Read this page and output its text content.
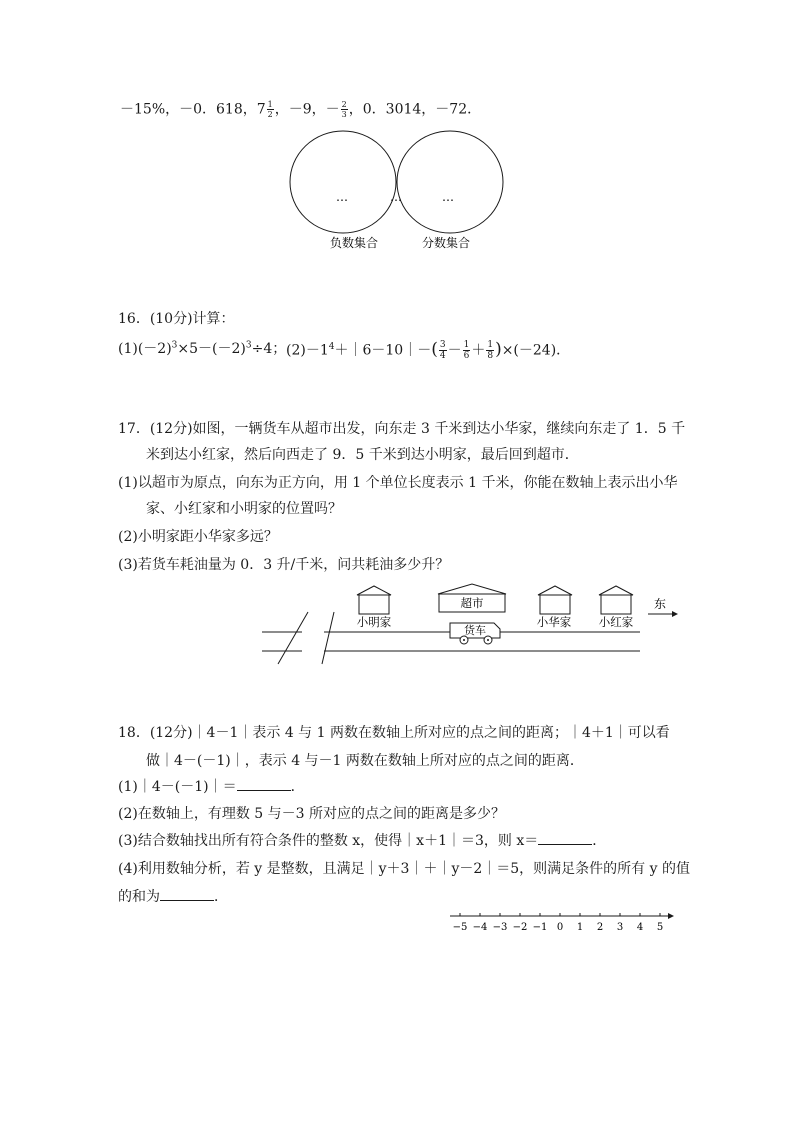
－15%，－0．618，$7 \frac{1}{2}$ ，－9，－ $\frac{2}{3}$ ，0．3014，－72．
…	…	…
负数集合	分数集合
16．(10分)计算：
$(1)(-2)^3\times 5-(-2)^3\div 4$； $(2)-1^4+|6-10|-( \frac{3}{4} - \frac{1}{6} + \frac{1}{8} )\times(-24)$．
17．(12分)如图，一辆货车从超市出发，向东走 3 千米到达小华家，继续向东走了 1．5 千
米到达小红家，然后向西走了 9．5 千米到达小明家，最后回到超市．
(1)以超市为原点，向东为正方向，用 1 个单位长度表示 1 千米，你能在数轴上表示出小华
家、小红家和小明家的位置吗？
(2)小明家距小华家多远？
(3)若货车耗油量为 0．3 升/千米，问共耗油多少升？
东
小明家
超市
货车
小华家 小红家
18．(12分)｜4－1｜表示 4 与 1 两数在数轴上所对应的点之间的距离；｜4＋1｜可以看
做｜4－(－1)｜，表示 4 与－1 两数在数轴上所对应的点之间的距离．
(1)｜4－(－1)｜＝	．
(2)在数轴上，有理数 5 与－3 所对应的点之间的距离是多少？
(3)结合数轴找出所有符合条件的整数 x，使得｜x＋1｜＝3，则 x＝	．
(4)利用数轴分析，若 y 是整数，且满足｜y＋3｜＋｜y－2｜＝5，则满足条件的所有 y 的值
的和为	．
−5 −4 −3 −2 −1 0 1 2 3 4 5
